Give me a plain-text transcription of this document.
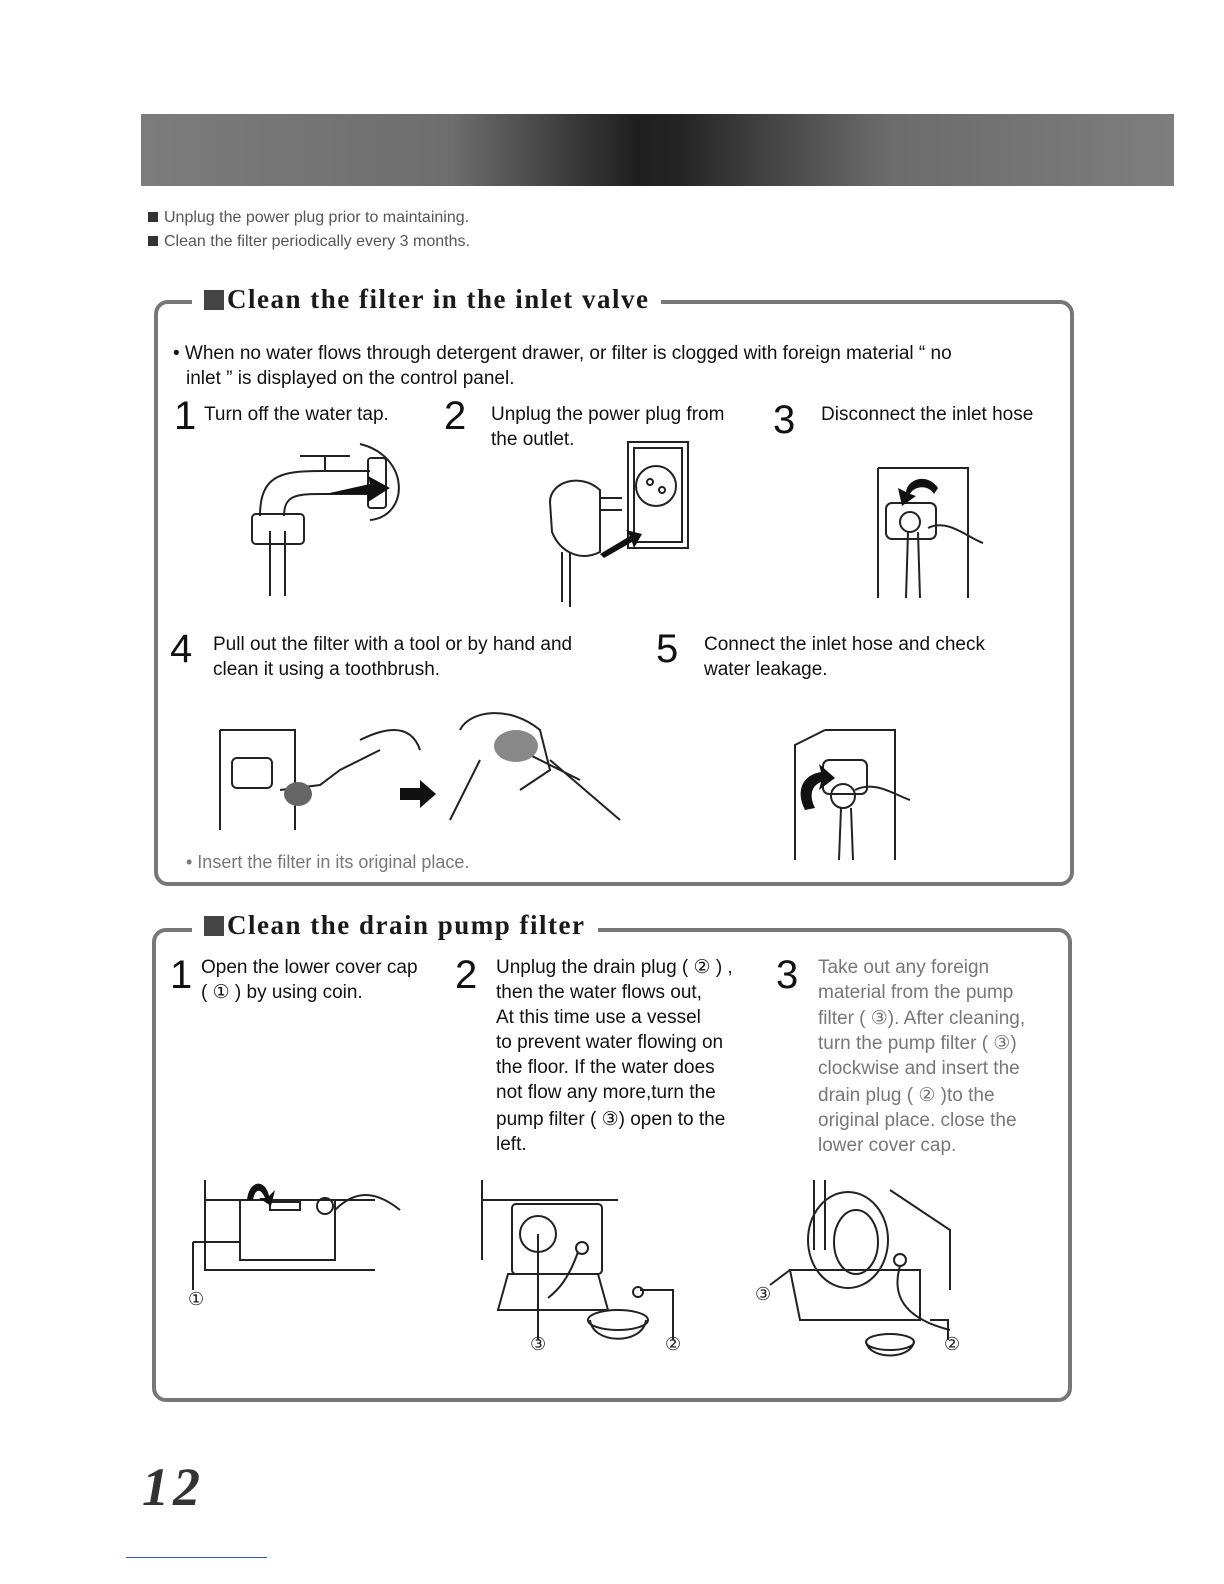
Unplug the power plug prior to maintaining.
Clean the filter periodically every 3 months.
Clean the filter in the inlet valve
• When no water flows through detergent drawer, or filter is clogged with foreign material “ no
inlet ” is displayed on the control panel.
1 Turn off the water tap. 2 Unplug the power plug from
the outlet.	3 Disconnect the inlet hose
4 Pull out the filter with a tool or by hand and
clean it using a toothbrush.	5 Connect the inlet hose and check
water leakage.
• Insert the filter in its original place.
Clean the drain pump filter
1 Open the lower cover cap
( ① ) by using coin. 2 Unplug the drain plug ( ② ) ,
then the water flows out,
At this time use a vessel
to prevent water flowing on
the floor. If the water does
not flow any more,turn the
pump filter ( ③) open to the
left.
3 Take out any foreign
material from the pump
filter ( ③). After cleaning,
turn the pump filter ( ③)
clockwise and insert the
drain plug ( ② )to the
original place. close the
lower cover cap.
①
③	②
③
②
12
